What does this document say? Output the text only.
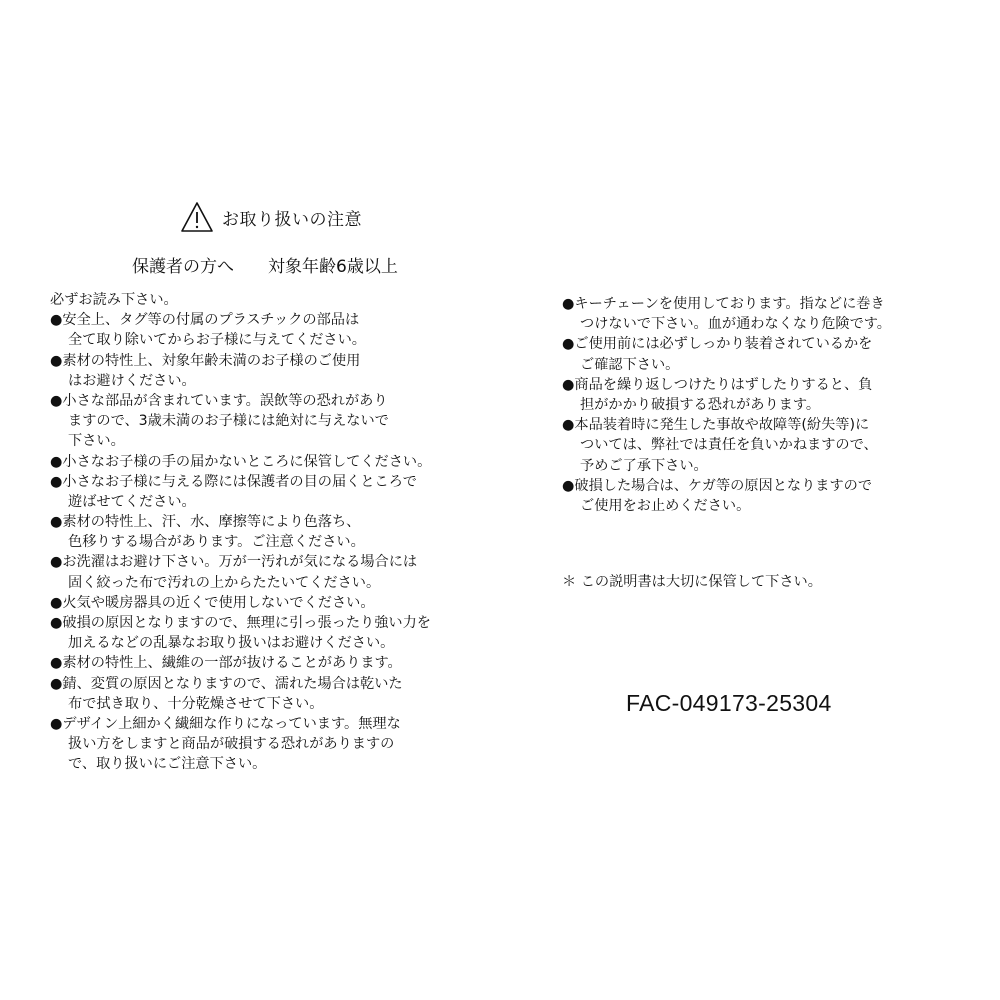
お取り扱いの注意
保護者の方へ 対象年齢6歳以上
必ずお読み下さい。
●安全上、タグ等の付属のプラスチックの部品は
全て取り除いてからお子様に与えてください。
●素材の特性上、対象年齢未満のお子様のご使用
はお避けください。
●小さな部品が含まれています。誤飲等の恐れがあり
ますので、3歳未満のお子様には絶対に与えないで
下さい。
●小さなお子様の手の届かないところに保管してください。
●小さなお子様に与える際には保護者の目の届くところで
遊ばせてください。
●素材の特性上、汗、水、摩擦等により色落ち、
色移りする場合があります。ご注意ください。
●お洗濯はお避け下さい。万が一汚れが気になる場合には
固く絞った布で汚れの上からたたいてください。
●火気や暖房器具の近くで使用しないでください。
●破損の原因となりますので、無理に引っ張ったり強い力を
加えるなどの乱暴なお取り扱いはお避けください。
●素材の特性上、繊維の一部が抜けることがあります。
●錆、変質の原因となりますので、濡れた場合は乾いた
布で拭き取り、十分乾燥させて下さい。
●デザイン上細かく繊細な作りになっています。無理な
扱い方をしますと商品が破損する恐れがありますの
で、取り扱いにご注意下さい。
●キーチェーンを使用しております。指などに巻き
つけないで下さい。血が通わなくなり危険です。
●ご使用前には必ずしっかり装着されているかを
ご確認下さい。
●商品を繰り返しつけたりはずしたりすると、負
担がかかり破損する恐れがあります。
●本品装着時に発生した事故や故障等(紛失等)に
ついては、弊社では責任を負いかねますので、
予めご了承下さい。
●破損した場合は、ケガ等の原因となりますので
ご使用をお止めください。
＊ この説明書は大切に保管して下さい。
FAC-049173-25304
